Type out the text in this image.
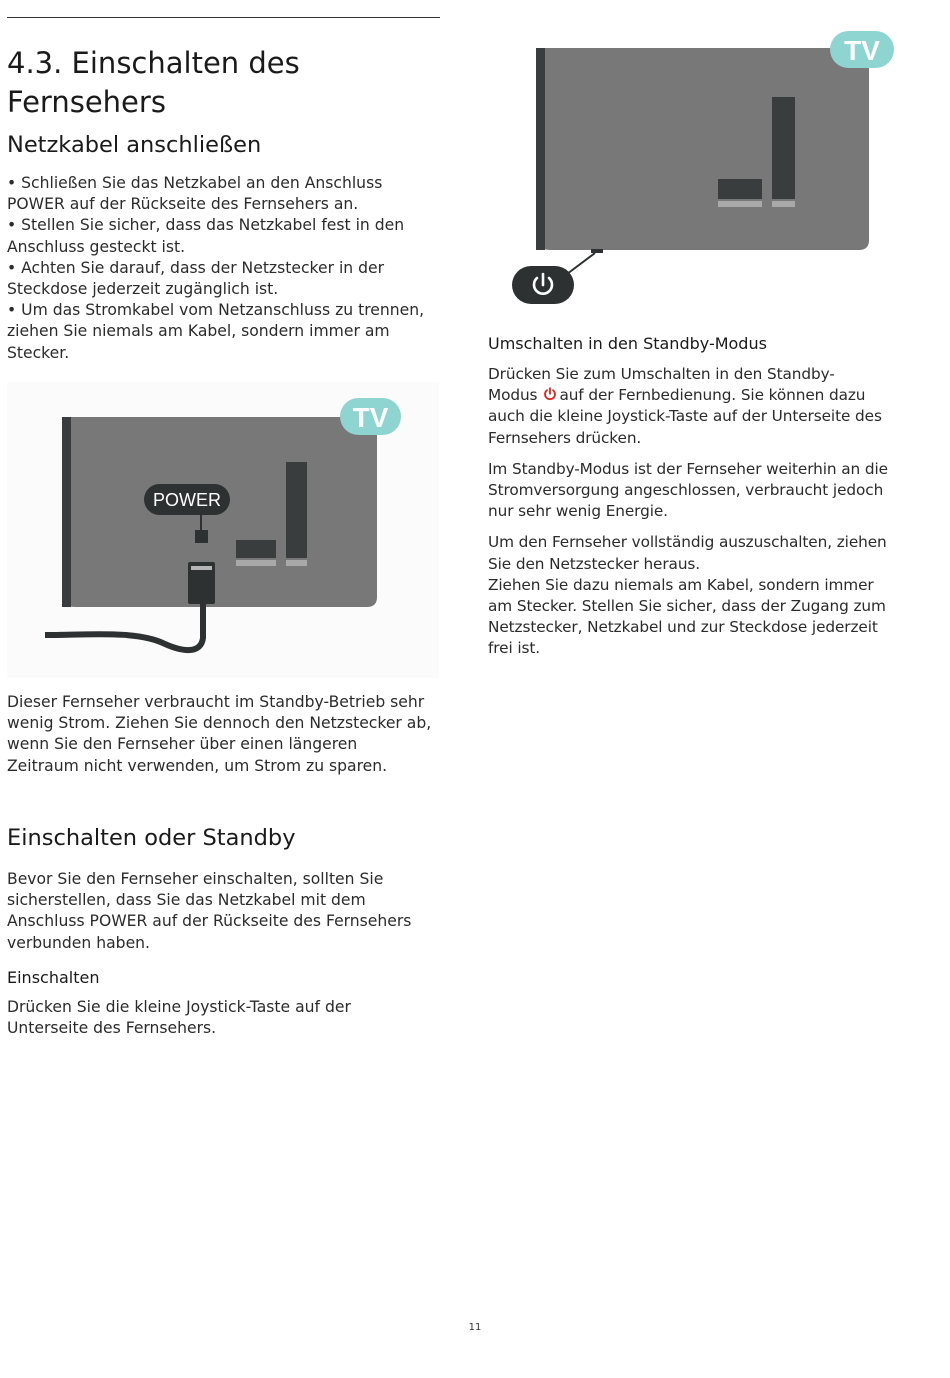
4.3. Einschalten des
Fernsehers
Netzkabel anschließen

• Schließen Sie das Netzkabel an den Anschluss
POWER auf der Rückseite des Fernsehers an.

• Stellen Sie sicher, dass das Netzkabel fest in den
Anschluss gesteckt ist.

• Achten Sie darauf, dass der Netzstecker in der
Steckdose jederzeit zugänglich ist.

• Um das Stromkabel vom Netzanschluss zu trennen,
ziehen Sie niemals am Kabel, sondern immer am
Stecker.

POWER
TV

Dieser Fernseher verbraucht im Standby-Betrieb sehr
wenig Strom. Ziehen Sie dennoch den Netzstecker ab,
wenn Sie den Fernseher über einen längeren
Zeitraum nicht verwenden, um Strom zu sparen.

Einschalten oder Standby

Bevor Sie den Fernseher einschalten, sollten Sie
sicherstellen, dass Sie das Netzkabel mit dem
Anschluss POWER auf der Rückseite des Fernsehers
verbunden haben.

Einschalten

Drücken Sie die kleine Joystick-Taste auf der
Unterseite des Fernsehers.

TV
Umschalten in den Standby-Modus

Drücken Sie zum Umschalten in den Standby-
Modus auf der Fernbedienung. Sie können dazu
auch die kleine Joystick-Taste auf der Unterseite des
Fernsehers drücken.

Im Standby-Modus ist der Fernseher weiterhin an die
Stromversorgung angeschlossen, verbraucht jedoch
nur sehr wenig Energie.

Um den Fernseher vollständig auszuschalten, ziehen
Sie den Netzstecker heraus.
Ziehen Sie dazu niemals am Kabel, sondern immer
am Stecker. Stellen Sie sicher, dass der Zugang zum
Netzstecker, Netzkabel und zur Steckdose jederzeit
frei ist.

11
